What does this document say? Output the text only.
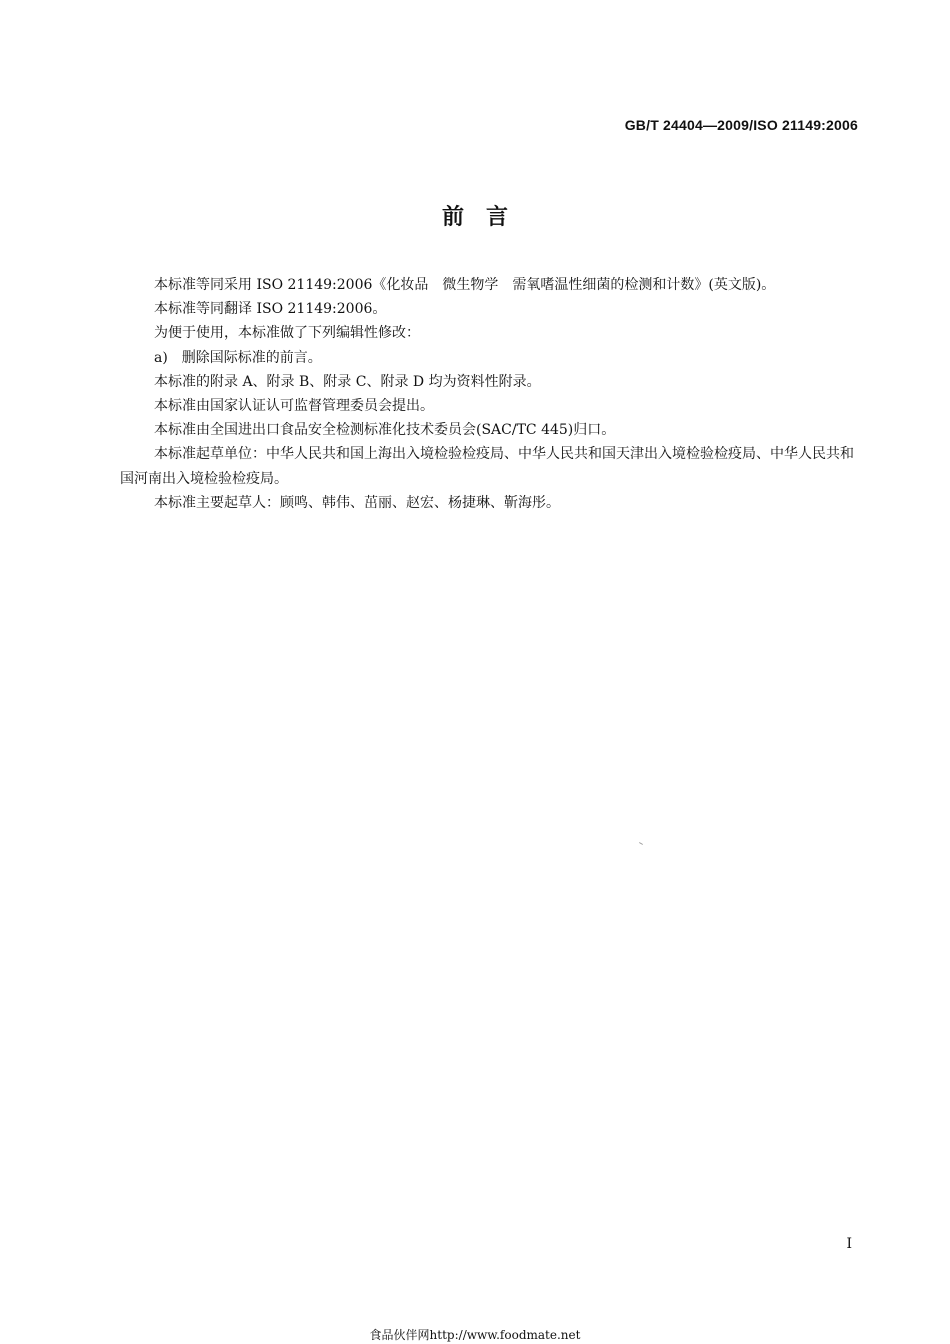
GB/T 24404—2009/ISO 21149:2006
前　言

本标准等同采用 ISO 21149:2006《化妆品　微生物学　需氧嗜温性细菌的检测和计数》(英文版)。

本标准等同翻译 ISO 21149:2006。

为便于使用，本标准做了下列编辑性修改：

a)　删除国际标准的前言。

本标准的附录 A、附录 B、附录 C、附录 D 均为资料性附录。

本标准由国家认证认可监督管理委员会提出。

本标准由全国进出口食品安全检测标准化技术委员会(SAC/TC 445)归口。

本标准起草单位：中华人民共和国上海出入境检验检疫局、中华人民共和国天津出入境检验检疫局、中华人民共和国河南出入境检验检疫局。

本标准主要起草人：顾鸣、韩伟、茁丽、赵宏、杨捷琳、靳海彤。

I
食品伙伴网http://www.foodmate.net
